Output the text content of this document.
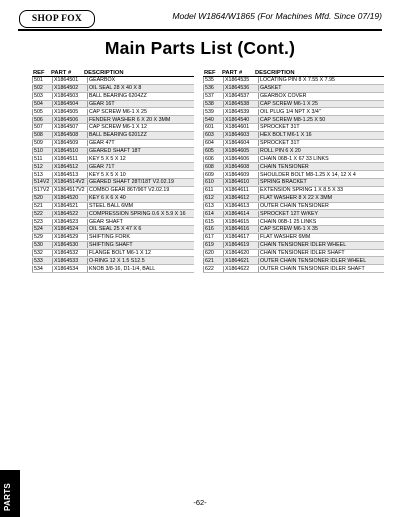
SHOP FOX	Model W1864/W1865 (For Machines Mfd. Since 07/19)
Main Parts List (Cont.)
REF	PART #	DESCRIPTION
501	X1864501	GEARBOX
502	X1864502	OIL SEAL 28 X 40 X 8
503	X1864503	BALL BEARING 6204ZZ
504	X1864504	GEAR 16T
505	X1864505	CAP SCREW M6-1 X 25
506	X1864506	FENDER WASHER 6 X 20 X 3MM
507	X1864507	CAP SCREW M6-1 X 12
508	X1864508	BALL BEARING 6201ZZ
509	X1864509	GEAR 47T
510	X1864510	GEARED SHAFT 18T
511	X1864511	KEY 5 X 5 X 12
512	X1864512	GEAR 71T
513	X1864513	KEY 5 X 5 X 10
514V2 X1864514V2 GEARED SHAFT 28T/18T V2.02.19
517V2 X1864517V2 COMBO GEAR 86T/96T V2.02.19
520	X1864520	KEY 6 X 6 X 40
521	X1864521	STEEL BALL 6MM
522	X1864522	COMPRESSION SPRING 0.6 X 5.9 X 16
523	X1864523	GEAR SHAFT
524	X1864524	OIL SEAL 25 X 47 X 6
529	X1864529	SHIFTING FORK
530	X1864530	SHIFTING SHAFT
532	X1864532	FLANGE BOLT M6-1 X 12
533	X1864533	O-RING 12 X 1.5 S12.5
534	X1864534	KNOB 3/8-16, D1-1/4, BALL
REF	PART #	DESCRIPTION
535	X1864535	LOCATING PIN 8 X 7.55 X 7.95
536	X1864536	GASKET
537	X1864537	GEARBOX COVER
538	X1864538	CAP SCREW M6-1 X 25
539	X1864539	OIL PLUG 1/4 NPT X 3/4"
540	X1864540	CAP SCREW M8-1.25 X 50
601	X1864601	SPROCKET 31T
603	X1864603	HEX BOLT M6-1 X 16
604	X1864604	SPROCKET 31T
605	X1864605	ROLL PIN 6 X 20
606	X1864606	CHAIN 06B-1 X 67 33 LINKS
608	X1864608	CHAIN TENSIONER
609	X1864609	SHOULDER BOLT M8-1.25 X 14, 12 X 4
610	X1864610	SPRING BRACKET
611	X1864611	EXTENSION SPRING 1 X 8.5 X 33
612	X1864612	FLAT WASHER 8 X 22 X 3MM
613	X1864613	OUTER CHAIN TENSIONER
614	X1864614	SPROCKET 12T W/KEY
615	X1864615	CHAIN 06B-1 25 LINKS
616	X1864616	CAP SCREW M6-1 X 35
617	X1864617	FLAT WASHER 6MM
619	X1864619	CHAIN TENSIONER IDLER WHEEL
620	X1864620	CHAIN TENSIONER IDLER SHAFT
621	X1864621	OUTER CHAIN TENSIONER IDLER WHEEL
622	X1864622	OUTER CHAIN TENSIONER IDLER SHAFT
PARTS	-62-
